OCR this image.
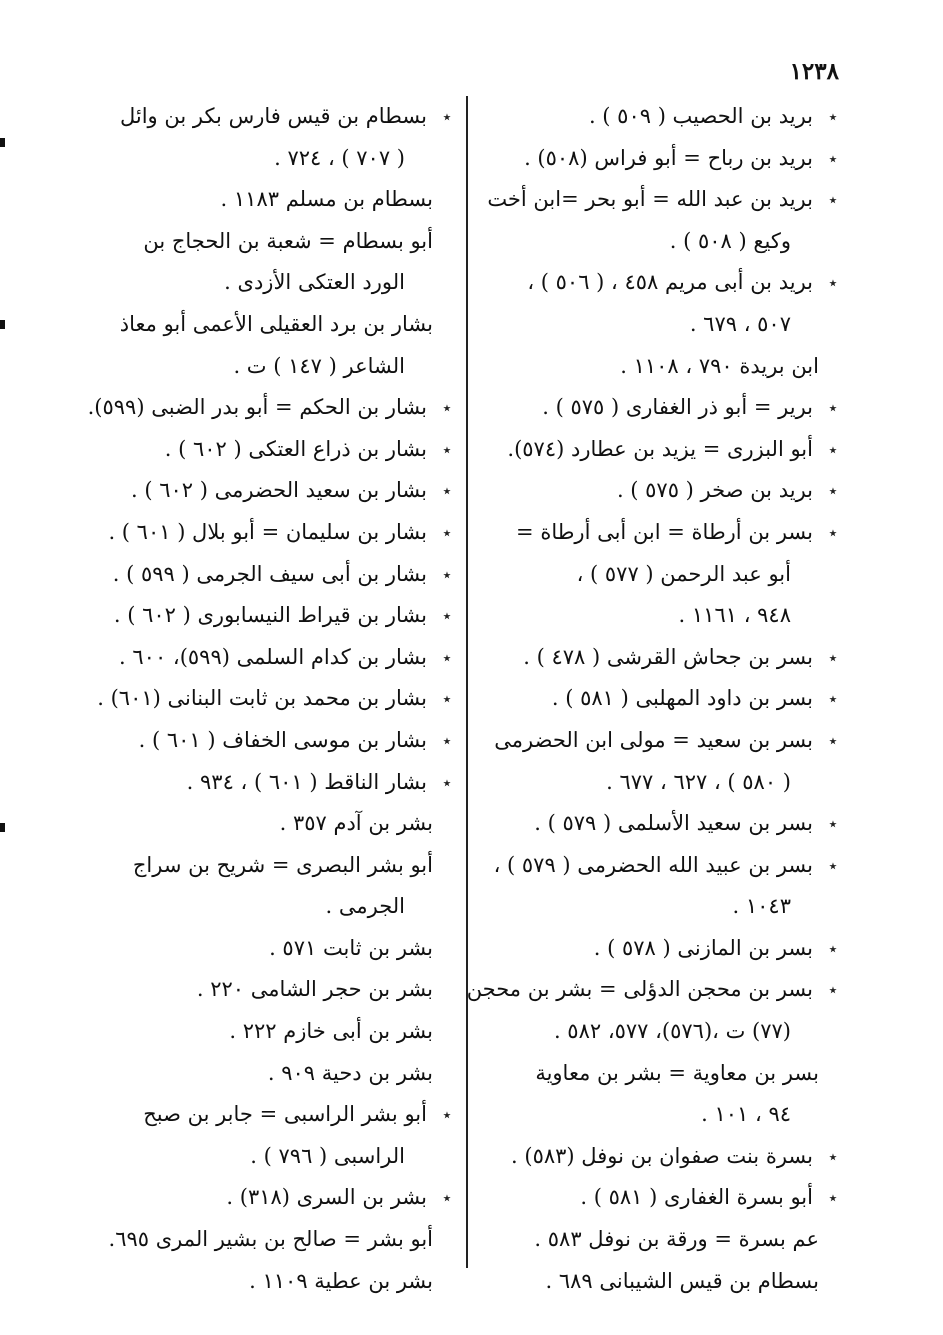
١٢٣٨
٭
بريد بن الحصيب ( ٥٠٩ ) .
٭
بريد بن رباح = أبو فراس (٥٠٨) .
٭
بريد بن عبد الله = أبو بحر =ابن أخت
وكيع ( ٥٠٨ ) .
٭
بريد بن أبى مريم ٤٥٨ ، ( ٥٠٦ ) ،
٥٠٧ ، ٦٧٩ .
ابن بريدة ٧٩٠ ، ١١٠٨ .
٭
برير = أبو ذر الغفارى ( ٥٧٥ ) .
٭
أبو البزرى = يزيد بن عطارد (٥٧٤).
٭
بريد بن صخر ( ٥٧٥ ) .
٭
بسر بن أرطاة = ابن أبى أرطاة =
أبو عبد الرحمن ( ٥٧٧ ) ،
٩٤٨ ، ١١٦١ .
٭
بسر بن جحاش القرشى ( ٤٧٨ ) .
٭
بسر بن داود المهلبى ( ٥٨١ ) .
٭
بسر بن سعيد = مولى ابن الحضرمى
( ٥٨٠ ) ، ٦٢٧ ، ٦٧٧ .
٭
بسر بن سعيد الأسلمى ( ٥٧٩ ) .
٭
بسر بن عبيد الله الحضرمى ( ٥٧٩ ) ،
١٠٤٣ .
٭
بسر بن المازنى ( ٥٧٨ ) .
٭
بسر بن محجن الدؤلى = بشر بن محجن
(٧٧) ت ،(٥٧٦)، ٥٧٧، ٥٨٢ .
بسر بن معاوية = بشر بن معاوية
٩٤ ، ١٠١ .
٭
بسرة بنت صفوان بن نوفل (٥٨٣) .
٭
أبو بسرة الغفارى ( ٥٨١ ) .
عم بسرة = ورقة بن نوفل ٥٨٣ .
بسطام بن قيس الشيبانى ٦٨٩ .
٭
بسطام بن قيس فارس بكر بن وائل
( ٧٠٧ ) ، ٧٢٤ .
بسطام بن مسلم ١١٨٣ .
أبو بسطام = شعبة بن الحجاج بن
الورد العتكى الأزدى .
بشار بن برد العقيلى الأعمى أبو معاذ
الشاعر ( ١٤٧ ) ت .
٭
بشار بن الحكم = أبو بدر الضبى (٥٩٩).
٭
بشار بن ذراع العتكى ( ٦٠٢ ) .
٭
بشار بن سعيد الحضرمى ( ٦٠٢ ) .
٭
بشار بن سليمان = أبو بلال ( ٦٠١ ) .
٭
بشار بن أبى سيف الجرمى ( ٥٩٩ ) .
٭
بشار بن قيراط النيسابورى ( ٦٠٢ ) .
٭
بشار بن كدام السلمى (٥٩٩)، ٦٠٠ .
٭
بشار بن محمد بن ثابت البنانى (٦٠١) .
٭
بشار بن موسى الخفاف ( ٦٠١ ) .
٭
بشار الناقط ( ٦٠١ ) ، ٩٣٤ .
بشر بن آدم ٣٥٧ .
أبو بشر البصرى = شريح بن سراج
الجرمى .
بشر بن ثابت ٥٧١ .
بشر بن حجر الشامى ٢٢٠ .
بشر بن أبى خازم ٢٢٢ .
بشر بن دحية ٩٠٩ .
٭
أبو بشر الراسبى = جابر بن صبح
الراسبى ( ٧٩٦ ) .
٭
بشر بن السرى (٣١٨) .
أبو بشر = صالح بن بشير المرى ٦٩٥.
بشر بن عطية ١١٠٩ .
